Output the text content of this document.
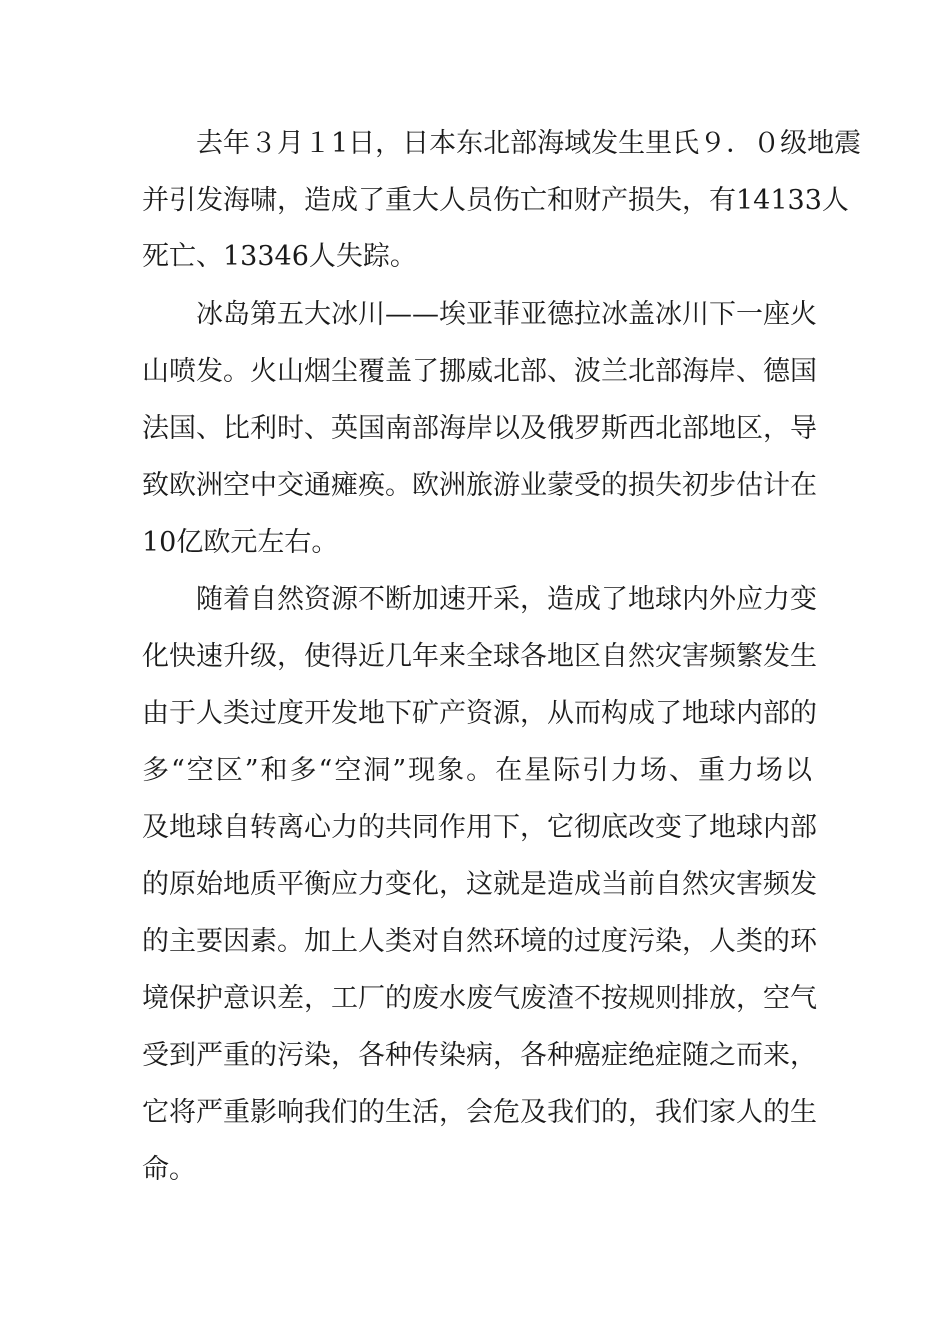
去年３月１1日，日本东北部海域发生里氏９．０级地震
并引发海啸，造成了重大人员伤亡和财产损失，有14133人
死亡、13346人失踪。
冰岛第五大冰川——埃亚菲亚德拉冰盖冰川下一座火
山喷发。火山烟尘覆盖了挪威北部、波兰北部海岸、德国
法国、比利时、英国南部海岸以及俄罗斯西北部地区，导
致欧洲空中交通瘫痪。欧洲旅游业蒙受的损失初步估计在
10亿欧元左右。
随着自然资源不断加速开采，造成了地球内外应力变
化快速升级，使得近几年来全球各地区自然灾害频繁发生
由于人类过度开发地下矿产资源，从而构成了地球内部的
多“空区”和多“空洞”现象。在星际引力场、重力场以
及地球自转离心力的共同作用下，它彻底改变了地球内部
的原始地质平衡应力变化，这就是造成当前自然灾害频发
的主要因素。加上人类对自然环境的过度污染，人类的环
境保护意识差，工厂的废水废气废渣不按规则排放，空气
受到严重的污染，各种传染病，各种癌症绝症随之而来，
它将严重影响我们的生活，会危及我们的，我们家人的生
命。
